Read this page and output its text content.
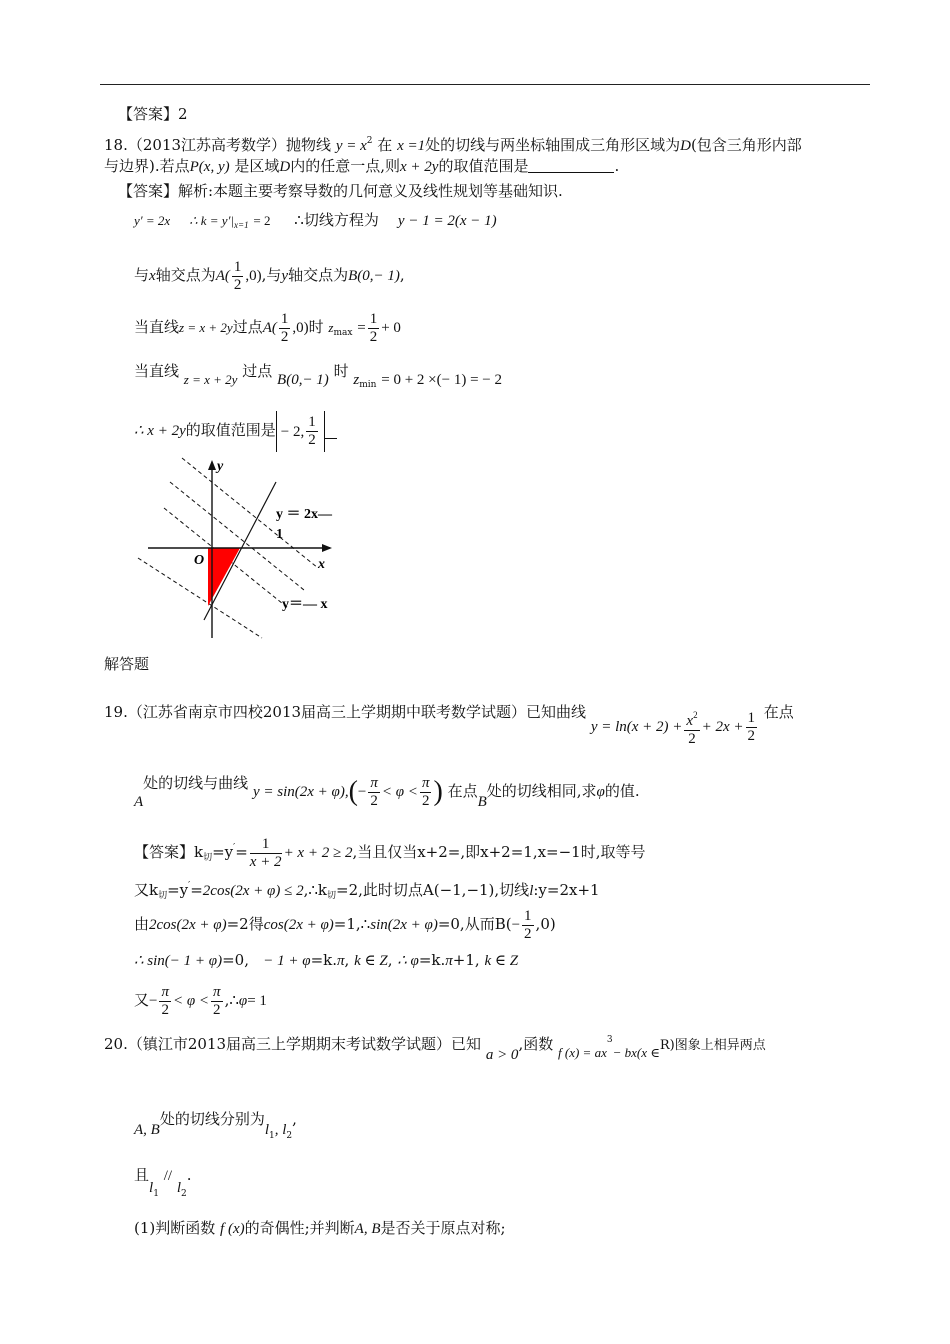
【答案】2
18.（2013江苏高考数学）抛物线 $y = x^2$ 在 x =1处的切线与两坐标轴围成三角形区域为D(包含三角形内部
与边界).若点P(x, y) 是区域D内的任意一点,则x + 2y的取值范围是	.
【答案】解析:本题主要考察导数的几何意义及线性规划等基础知识.
y′ = 2x ∴ $k = y'|_{x=1} = 2$ ∴切线方程为 y − 1 = 2(x − 1)
与x轴交点为$A( \frac{1}{2} ,0)$,与y轴交点为B(0,− 1),
当直线z = x + 2y过点$A( \frac{1}{2} ,0)$时 $z_{max} = \frac{1}{2} + 0$
当直线 z = x + 2y 过点 B(0,− 1) 时 $z_{min} = 0 + 2$ ×(− 1) = − 2
∴ x + 2y的取值范围是 − 2, $\frac{1}{2}$
y
x
O
y ＝ 2x—
1
y＝— x
解答题
19.（江苏省南京市四校2013届高三上学期期中联考数学试题）已知曲线 $y = \ln(x + 2) + \frac{x^2}{2} + 2x + \frac{1}{2}$ 在点
A处的切线与曲线 $y = \sin(2x + \varphi),(- \frac{\pi}{2} < \varphi < \frac{\pi}{2}$ ) 在点B处的切线相同,求φ的值.
【答案】$k_切=y'= \frac{1}{x + 2} + x + 2 \ge 2$,当且仅当x+2=,即x+2=1,x=−1时,取等号
又$k_切=y'=2\cos(2x + \varphi)$ ≤ $2,\therefore k_切=2$,此时切点A(−1,−1),切线l:y=2x+1
由2cos(2x + φ)=2得cos(2x + φ)=1,∴sin(2x + φ)=0,从而$B(- \frac{1}{2} ,0)$
∴ sin(− 1 + φ)=0, − 1 + φ=k.π, k ∈ Z, ∴ φ=k.π+1, k ∈ Z
又− $\frac{\pi}{2} < \varphi < \frac{\pi}{2}$ ,∴φ= 1
20.（镇江市2013届高三上学期期末考试数学试题）已知 a > 0,函数 f $(x) = ax^3- bx(x$ ∈R)图象上相异两点
A, B处的切线分别为$l_1$, $l_2$,
且$l_1 // l_2$.
(1)判断函数 f (x)的奇偶性;并判断A, B是否关于原点对称;
